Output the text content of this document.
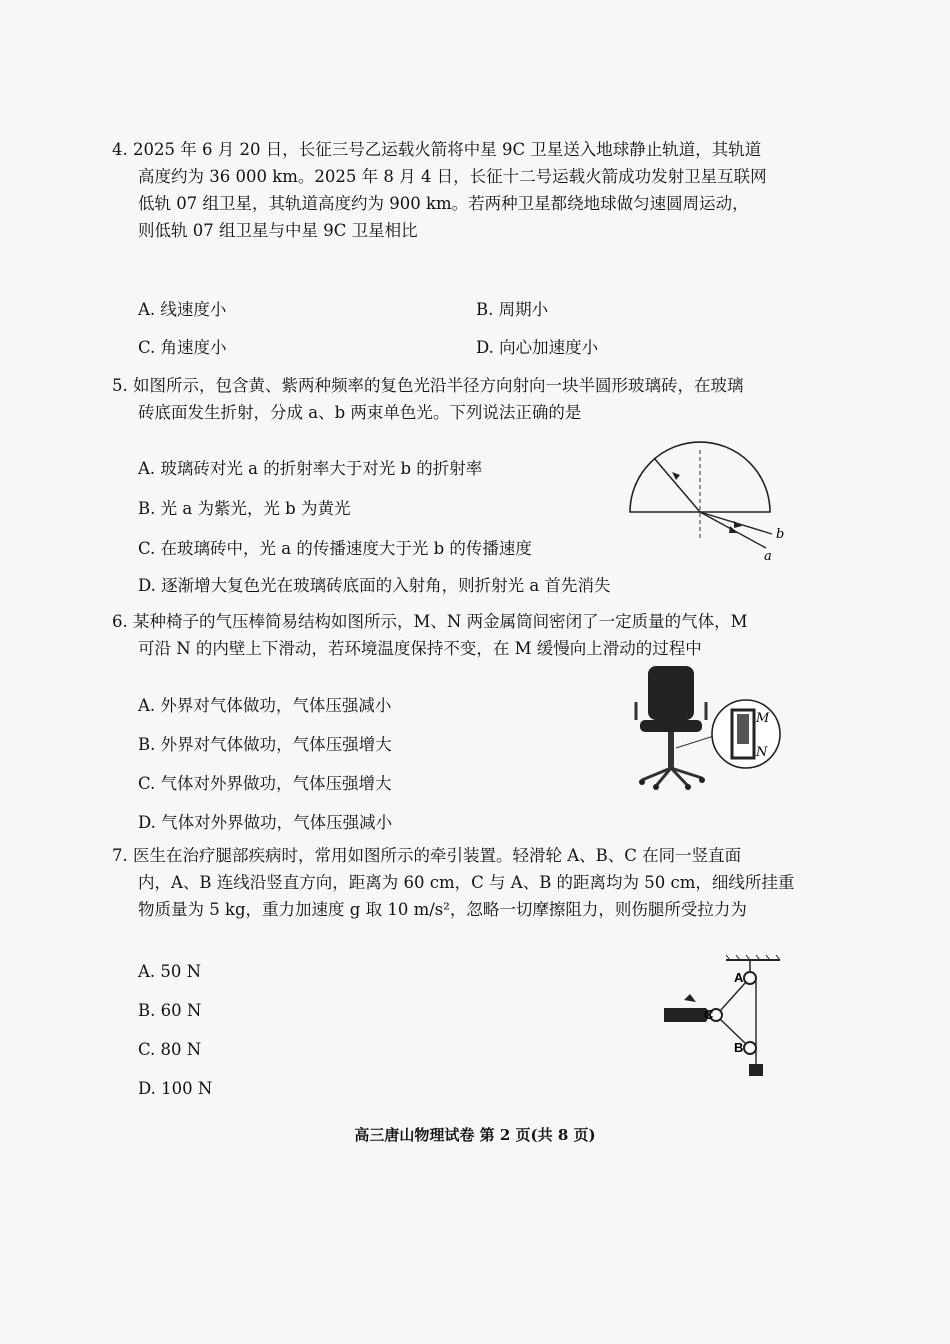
4. 2025 年 6 月 20 日，长征三号乙运载火箭将中星 9C 卫星送入地球静止轨道，其轨道
高度约为 36 000 km。2025 年 8 月 4 日，长征十二号运载火箭成功发射卫星互联网
低轨 07 组卫星，其轨道高度约为 900 km。若两种卫星都绕地球做匀速圆周运动，
则低轨 07 组卫星与中星 9C 卫星相比
A. 线速度小	B. 周期小
C. 角速度小	D. 向心加速度小
5. 如图所示，包含黄、紫两种频率的复色光沿半径方向射向一块半圆形玻璃砖，在玻璃
砖底面发生折射，分成 a、b 两束单色光。下列说法正确的是
A. 玻璃砖对光 a 的折射率大于对光 b 的折射率
B. 光 a 为紫光，光 b 为黄光
C. 在玻璃砖中，光 a 的传播速度大于光 b 的传播速度
D. 逐渐增大复色光在玻璃砖底面的入射角，则折射光 a 首先消失
b
a
6. 某种椅子的气压棒简易结构如图所示，M、N 两金属筒间密闭了一定质量的气体，M
可沿 N 的内壁上下滑动，若环境温度保持不变，在 M 缓慢向上滑动的过程中
A. 外界对气体做功，气体压强减小
B. 外界对气体做功，气体压强增大
C. 气体对外界做功，气体压强增大
D. 气体对外界做功，气体压强减小
M
N
7. 医生在治疗腿部疾病时，常用如图所示的牵引装置。轻滑轮 A、B、C 在同一竖直面
内，A、B 连线沿竖直方向，距离为 60 cm，C 与 A、B 的距离均为 50 cm，细线所挂重
物质量为 5 kg，重力加速度 g 取 10 m/s²，忽略一切摩擦阻力，则伤腿所受拉力为
A. 50 N
B. 60 N
C. 80 N
D. 100 N
A
C
B
高三唐山物理试卷 第 2 页(共 8 页)
